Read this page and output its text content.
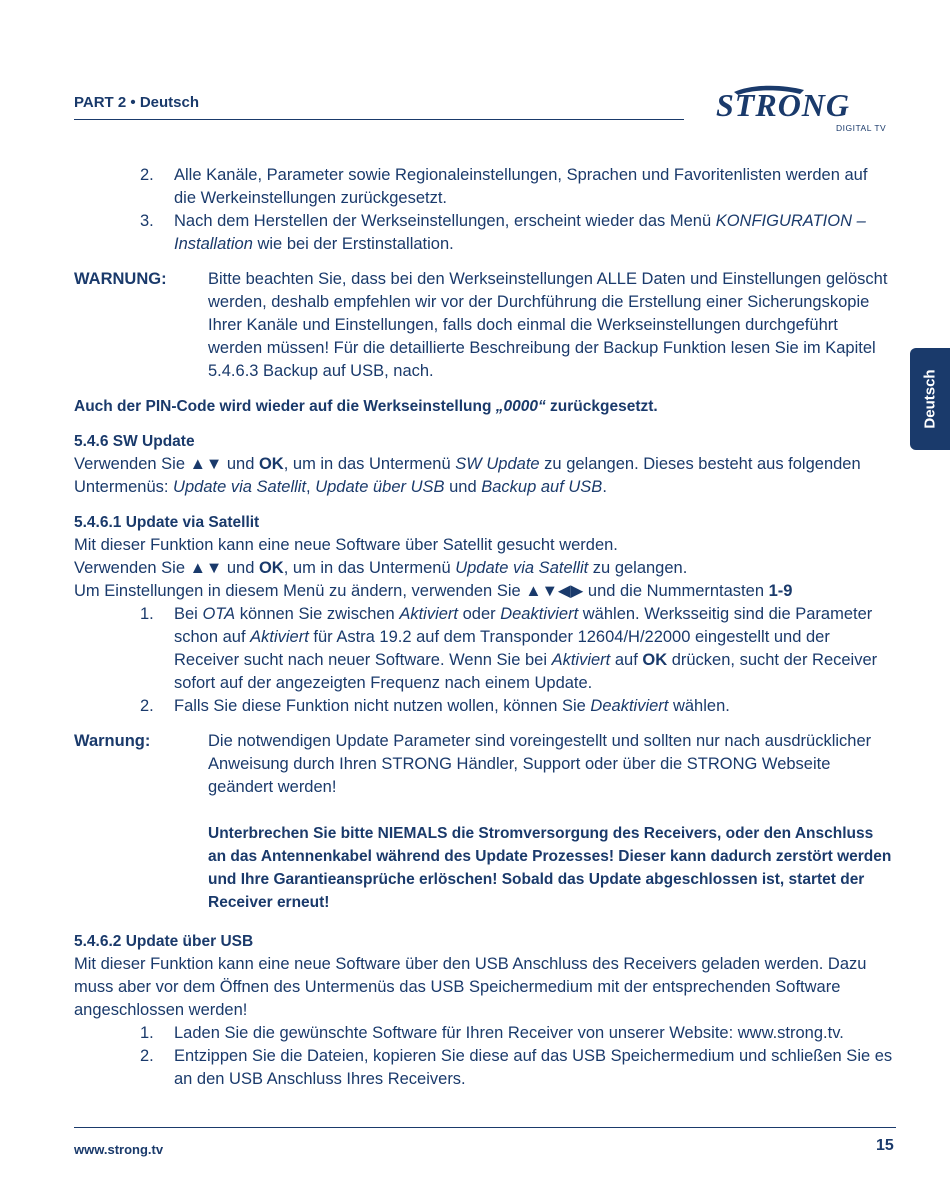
PART 2 • Deutsch	STRONG
DIGITAL TV
Deutsch
2.	Alle Kanäle, Parameter sowie Regionaleinstellungen, Sprachen und Favoritenlisten werden auf die Werkeinstellungen zurückgesetzt.
3.	Nach dem Herstellen der Werkseinstellungen, erscheint wieder das Menü KONFIGURATION – Installation wie bei der Erstinstallation.
WARNUNG:	Bitte beachten Sie, dass bei den Werkseinstellungen ALLE Daten und Einstellungen gelöscht werden, deshalb empfehlen wir vor der Durchführung die Erstellung einer Sicherungskopie Ihrer Kanäle und Einstellungen, falls doch einmal die Werkseinstellungen durchgeführt werden müssen! Für die detaillierte Beschreibung der Backup Funktion lesen Sie im Kapitel 5.4.6.3 Backup auf USB, nach.

Auch der PIN-Code wird wieder auf die Werkseinstellung „0000“ zurückgesetzt.

5.4.6 SW Update

Verwenden Sie ▲▼ und OK, um in das Untermenü SW Update zu gelangen. Dieses besteht aus folgenden Untermenüs: Update via Satellit, Update über USB und Backup auf USB.

5.4.6.1 Update via Satellit

Mit dieser Funktion kann eine neue Software über Satellit gesucht werden.

Verwenden Sie ▲▼ und OK, um in das Untermenü Update via Satellit zu gelangen.

Um Einstellungen in diesem Menü zu ändern, verwenden Sie ▲▼◀▶ und die Nummerntasten 1-9

1.	Bei OTA können Sie zwischen Aktiviert oder Deaktiviert wählen. Werksseitig sind die Parameter schon auf Aktiviert für Astra 19.2 auf dem Transponder 12604/H/22000 eingestellt und der Receiver sucht nach neuer Software. Wenn Sie bei Aktiviert auf OK drücken, sucht der Receiver sofort auf der angezeigten Frequenz nach einem Update.
2.	Falls Sie diese Funktion nicht nutzen wollen, können Sie Deaktiviert wählen.
Warnung:	Die notwendigen Update Parameter sind voreingestellt und sollten nur nach ausdrücklicher Anweisung durch Ihren STRONG Händler, Support oder über die STRONG Webseite geändert werden!

Unterbrechen Sie bitte NIEMALS die Stromversorgung des Receivers, oder den Anschluss an das Antennenkabel während des Update Prozesses! Dieser kann dadurch zerstört werden und Ihre Garantieansprüche erlöschen! Sobald das Update abgeschlossen ist, startet der Receiver erneut!

5.4.6.2 Update über USB

Mit dieser Funktion kann eine neue Software über den USB Anschluss des Receivers geladen werden. Dazu muss aber vor dem Öffnen des Untermenüs das USB Speichermedium mit der entsprechenden Software angeschlossen werden!

1.	Laden Sie die gewünschte Software für Ihren Receiver von unserer Website: www.strong.tv.
2.	Entzippen Sie die Dateien, kopieren Sie diese auf das USB Speichermedium und schließen Sie es an den USB Anschluss Ihres Receivers.
www.strong.tv	15
